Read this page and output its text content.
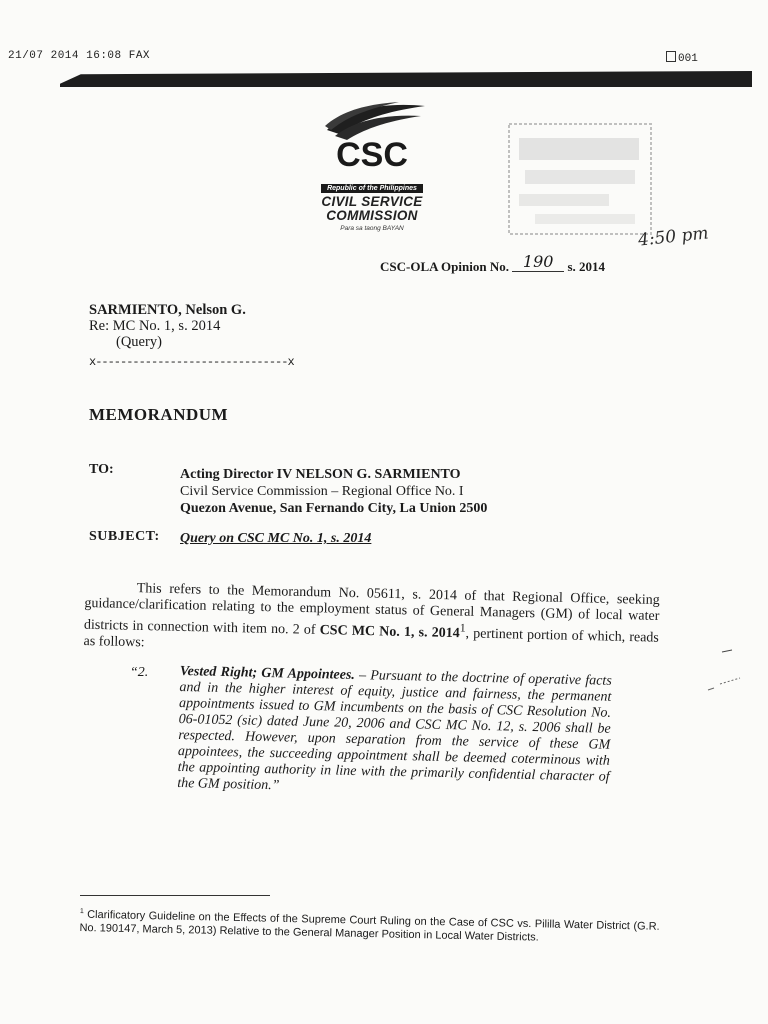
21/07 2014 16:08 FAX	001
CSC
Republic of the Philippines
CIVIL SERVICE
COMMISSION
Para sa taong BAYAN	4:50 pm
CSC-OLA Opinion No. 190 s. 2014
SARMIENTO, Nelson G.
Re: MC No. 1, s. 2014
(Query)
x-------------------------------x
MEMORANDUM
TO:	Acting Director IV NELSON G. SARMIENTO
Civil Service Commission – Regional Office No. I
Quezon Avenue, San Fernando City, La Union 2500
SUBJECT: Query on CSC MC No. 1, s. 2014

This refers to the Memorandum No. 05611, s. 2014 of that Regional Office, seeking guidance/clarification relating to the employment status of General Managers (GM) of local water districts in connection with item no. 2 of CSC MC No. 1, s. 2014$^1$, pertinent portion of which, reads as follows:

“2. Vested Right; GM Appointees. – Pursuant to the doctrine of operative facts and in the higher interest of equity, justice and fairness, the permanent appointments issued to GM incumbents on the basis of CSC Resolution No. 06-01052 (sic) dated June 20, 2006 and CSC MC No. 12, s. 2006 shall be respected. However, upon separation from the service of these GM appointees, the succeeding appointment shall be deemed coterminous with the appointing authority in line with the primarily confidential character of the GM position.”
$^1$ Clarificatory Guideline on the Effects of the Supreme Court Ruling on the Case of CSC vs. Pililla Water District (G.R. No. 190147, March 5, 2013) Relative to the General Manager Position in Local Water Districts.
